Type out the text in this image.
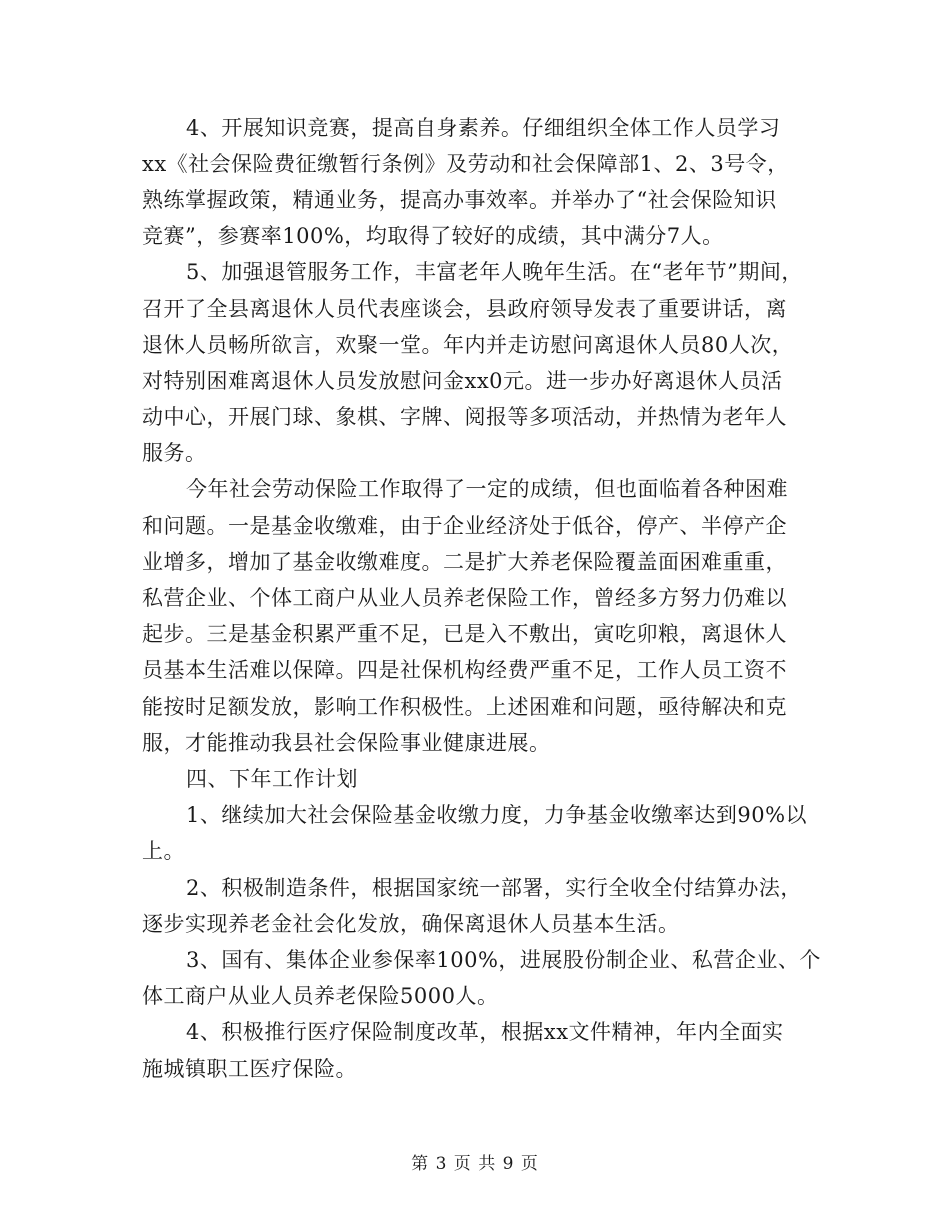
4、开展知识竞赛，提高自身素养。仔细组织全体工作人员学习
xx《社会保险费征缴暂行条例》及劳动和社会保障部1、2、3号令，
熟练掌握政策，精通业务，提高办事效率。并举办了“社会保险知识
竞赛”，参赛率100%，均取得了较好的成绩，其中满分7人。
5、加强退管服务工作，丰富老年人晚年生活。在“老年节”期间，
召开了全县离退休人员代表座谈会，县政府领导发表了重要讲话，离
退休人员畅所欲言，欢聚一堂。年内并走访慰问离退休人员80人次，
对特别困难离退休人员发放慰问金xx0元。进一步办好离退休人员活
动中心，开展门球、象棋、字牌、阅报等多项活动，并热情为老年人
服务。
今年社会劳动保险工作取得了一定的成绩，但也面临着各种困难
和问题。一是基金收缴难，由于企业经济处于低谷，停产、半停产企
业增多，增加了基金收缴难度。二是扩大养老保险覆盖面困难重重，
私营企业、个体工商户从业人员养老保险工作，曾经多方努力仍难以
起步。三是基金积累严重不足，已是入不敷出，寅吃卯粮，离退休人
员基本生活难以保障。四是社保机构经费严重不足，工作人员工资不
能按时足额发放，影响工作积极性。上述困难和问题，亟待解决和克
服，才能推动我县社会保险事业健康进展。
四、下年工作计划
1、继续加大社会保险基金收缴力度，力争基金收缴率达到90%以
上。
2、积极制造条件，根据国家统一部署，实行全收全付结算办法，
逐步实现养老金社会化发放，确保离退休人员基本生活。
3、国有、集体企业参保率100%，进展股份制企业、私营企业、个
体工商户从业人员养老保险5000人。
4、积极推行医疗保险制度改革，根据xx文件精神，年内全面实
施城镇职工医疗保险。
第 3 页 共 9 页
